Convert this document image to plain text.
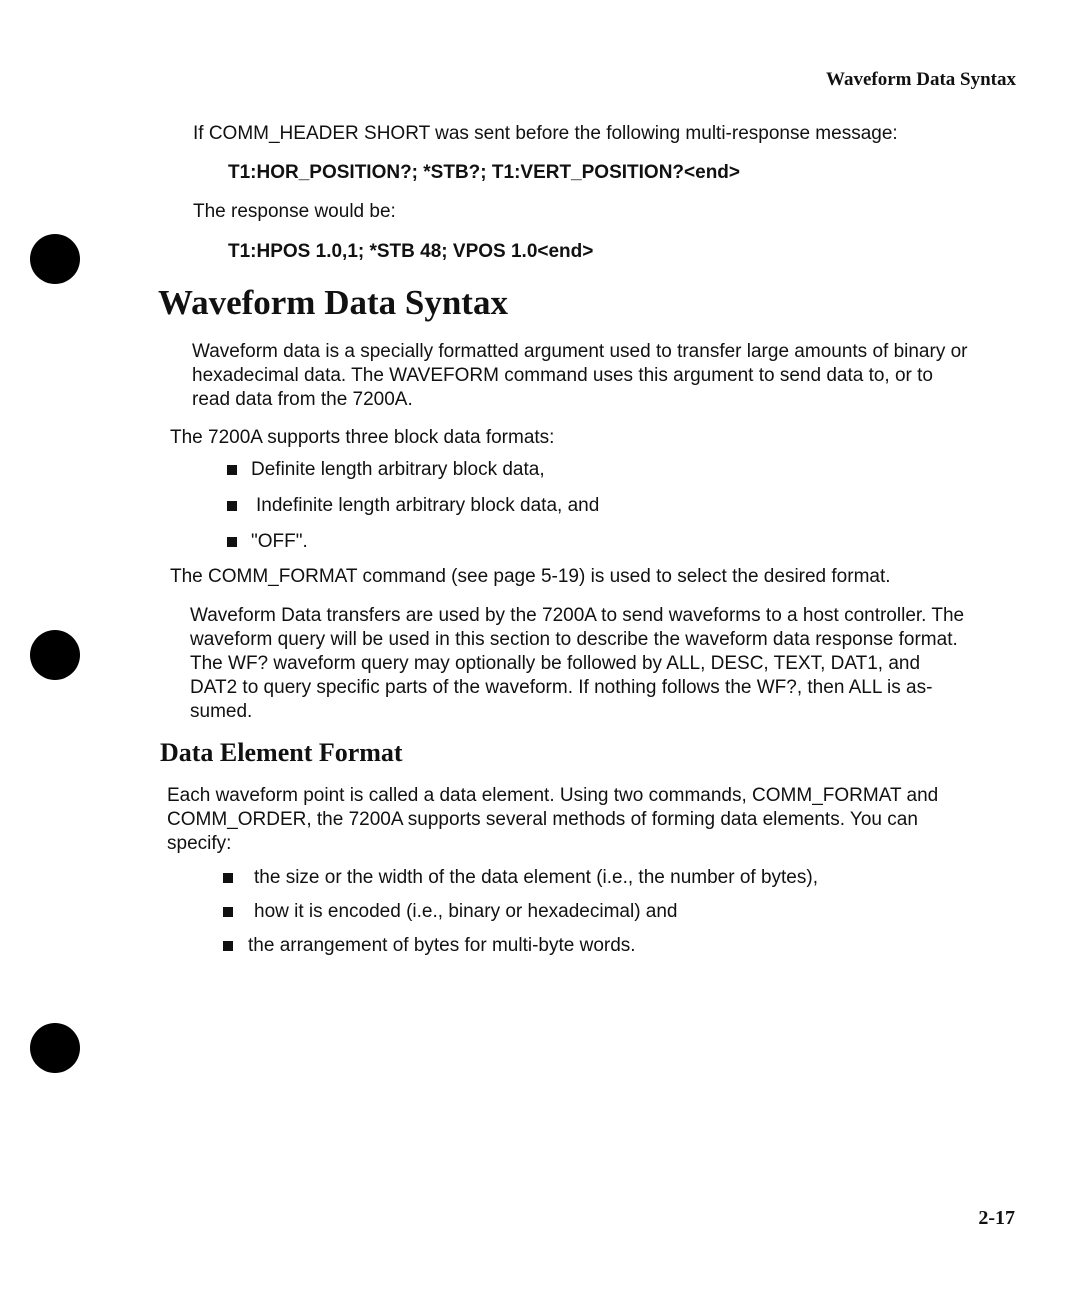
Waveform Data Syntax
If COMM_HEADER SHORT was sent before the following multi-response message:
T1:HOR_POSITION?; *STB?; T1:VERT_POSITION?<end>
The response would be:
T1:HPOS 1.0,1; *STB 48; VPOS 1.0<end>
Waveform Data Syntax
Waveform data is a specially formatted argument used to transfer large amounts of binary or
hexadecimal data. The WAVEFORM command uses this argument to send data to, or to
read data from the 7200A.
The 7200A supports three block data formats:
Definite length arbitrary block data,
Indefinite length arbitrary block data, and
"OFF".
The COMM_FORMAT command (see page 5-19) is used to select the desired format.
Waveform Data transfers are used by the 7200A to send waveforms to a host controller. The
waveform query will be used in this section to describe the waveform data response format.
The WF? waveform query may optionally be followed by ALL, DESC, TEXT, DAT1, and
DAT2 to query specific parts of the waveform. If nothing follows the WF?, then ALL is as-
sumed.
Data Element Format
Each waveform point is called a data element. Using two commands, COMM_FORMAT and
COMM_ORDER, the 7200A supports several methods of forming data elements. You can
specify:
the size or the width of the data element (i.e., the number of bytes),
how it is encoded (i.e., binary or hexadecimal) and
the arrangement of bytes for multi-byte words.
2-17
